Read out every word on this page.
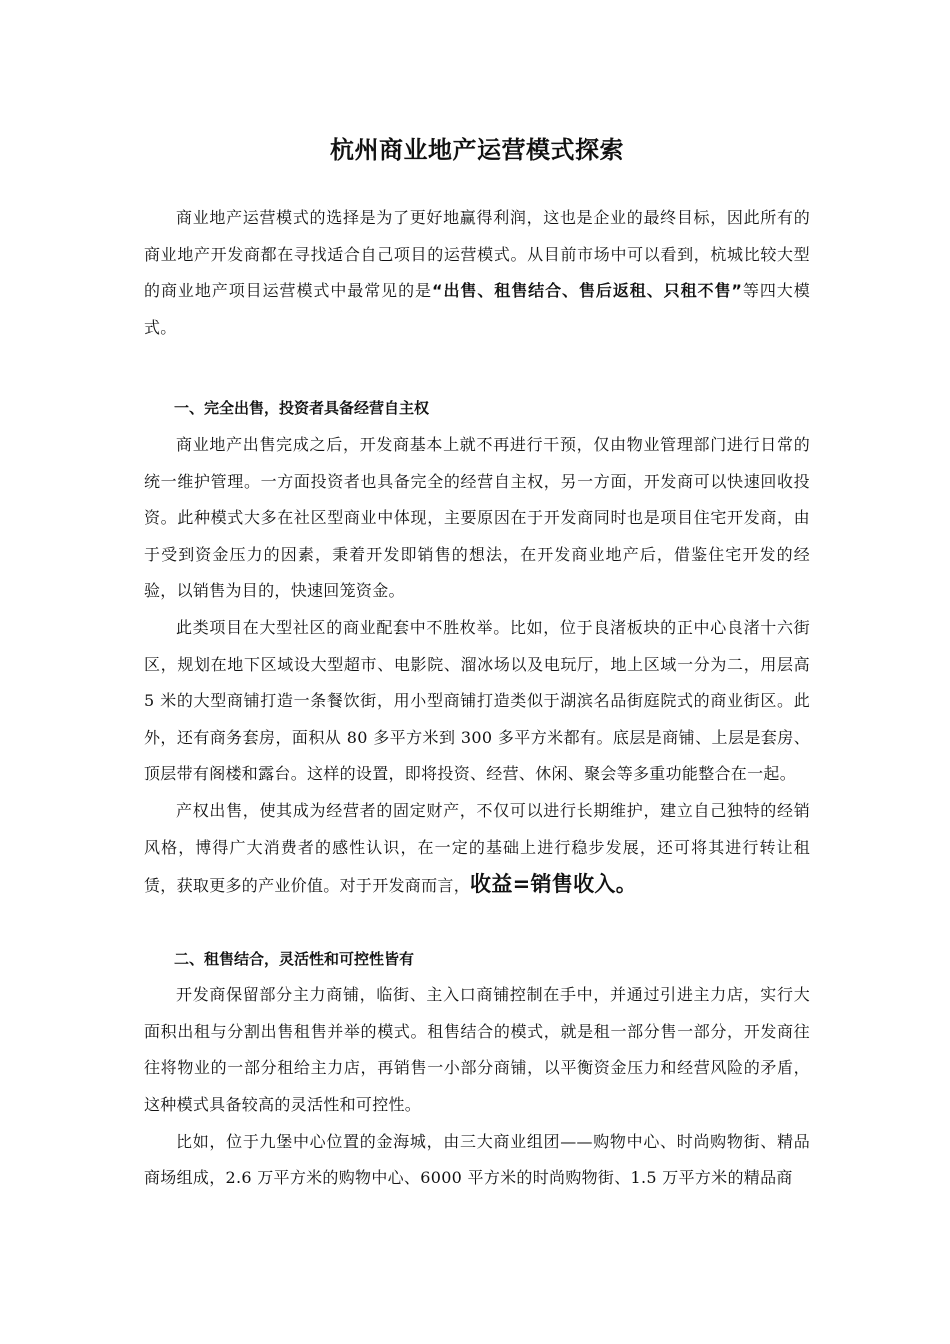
杭州商业地产运营模式探索

商业地产运营模式的选择是为了更好地赢得利润，这也是企业的最终目标，因此所有的商业地产开发商都在寻找适合自己项目的运营模式。从目前市场中可以看到，杭城比较大型的商业地产项目运营模式中最常见的是“出售、租售结合、售后返租、只租不售”等四大模式。

一、完全出售，投资者具备经营自主权

商业地产出售完成之后，开发商基本上就不再进行干预，仅由物业管理部门进行日常的统一维护管理。一方面投资者也具备完全的经营自主权，另一方面，开发商可以快速回收投资。此种模式大多在社区型商业中体现，主要原因在于开发商同时也是项目住宅开发商，由于受到资金压力的因素，秉着开发即销售的想法，在开发商业地产后，借鉴住宅开发的经验，以销售为目的，快速回笼资金。

此类项目在大型社区的商业配套中不胜枚举。比如，位于良渚板块的正中心良渚十六街区，规划在地下区域设大型超市、电影院、溜冰场以及电玩厅，地上区域一分为二，用层高 5 米的大型商铺打造一条餐饮街，用小型商铺打造类似于湖滨名品街庭院式的商业街区。此外，还有商务套房，面积从 80 多平方米到 300 多平方米都有。底层是商铺、上层是套房、顶层带有阁楼和露台。这样的设置，即将投资、经营、休闲、聚会等多重功能整合在一起。

产权出售，使其成为经营者的固定财产，不仅可以进行长期维护，建立自己独特的经销风格，博得广大消费者的感性认识，在一定的基础上进行稳步发展，还可将其进行转让租赁，获取更多的产业价值。对于开发商而言，收益=销售收入。

二、租售结合，灵活性和可控性皆有

开发商保留部分主力商铺，临街、主入口商铺控制在手中，并通过引进主力店，实行大面积出租与分割出售租售并举的模式。租售结合的模式，就是租一部分售一部分，开发商往往将物业的一部分租给主力店，再销售一小部分商铺，以平衡资金压力和经营风险的矛盾，这种模式具备较高的灵活性和可控性。

比如，位于九堡中心位置的金海城，由三大商业组团——购物中心、时尚购物街、精品商场组成，2.6 万平方米的购物中心、6000 平方米的时尚购物街、1.5 万平方米的精品商
